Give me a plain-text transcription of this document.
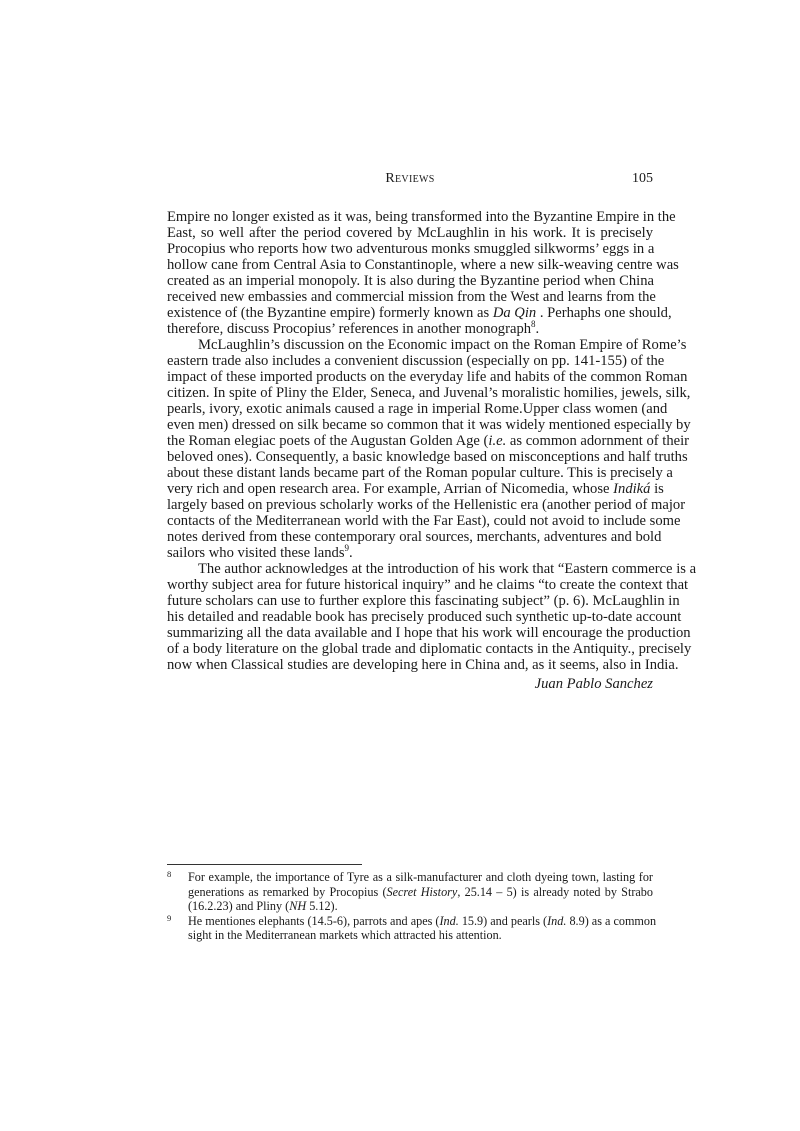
Reviews	105
Empire no longer existed as it was, being transformed into the Byzantine Empire in the
East, so well after the period covered by McLaughlin in his work. It is precisely
Procopius who reports how two adventurous monks smuggled silkworms’ eggs in a
hollow cane from Central Asia to Constantinople, where a new silk-weaving centre was
created as an imperial monopoly. It is also during the Byzantine period when China
received new embassies and commercial mission from the West and learns from the
existence of (the Byzantine empire) formerly known as Da Qin . Perhaphs one should,
therefore, discuss Procopius’ references in another monograph$^8$.
McLaughlin’s discussion on the Economic impact on the Roman Empire of Rome’s
eastern trade also includes a convenient discussion (especially on pp. 141-155) of the
impact of these imported products on the everyday life and habits of the common Roman
citizen. In spite of Pliny the Elder, Seneca, and Juvenal’s moralistic homilies, jewels, silk,
pearls, ivory, exotic animals caused a rage in imperial Rome.Upper class women (and
even men) dressed on silk became so common that it was widely mentioned especially by
the Roman elegiac poets of the Augustan Golden Age (i.e. as common adornment of their
beloved ones). Consequently, a basic knowledge based on misconceptions and half truths
about these distant lands became part of the Roman popular culture. This is precisely a
very rich and open research area. For example, Arrian of Nicomedia, whose Indiká is
largely based on previous scholarly works of the Hellenistic era (another period of major
contacts of the Mediterranean world with the Far East), could not avoid to include some
notes derived from these contemporary oral sources, merchants, adventures and bold
sailors who visited these lands$^9$.
The author acknowledges at the introduction of his work that “Eastern commerce is a
worthy subject area for future historical inquiry” and he claims “to create the context that
future scholars can use to further explore this fascinating subject” (p. 6). McLaughlin in
his detailed and readable book has precisely produced such synthetic up-to-date account
summarizing all the data available and I hope that his work will encourage the production
of a body literature on the global trade and diplomatic contacts in the Antiquity., precisely
now when Classical studies are developing here in China and, as it seems, also in India.
Juan Pablo Sanchez
8 For example, the importance of Tyre as a silk-manufacturer and cloth dyeing town, lasting for
generations as remarked by Procopius (Secret History, 25.14 – 5) is already noted by Strabo
(16.2.23) and Pliny (NH 5.12).
9 He mentiones elephants (14.5-6), parrots and apes (Ind. 15.9) and pearls (Ind. 8.9) as a common
sight in the Mediterranean markets which attracted his attention.
